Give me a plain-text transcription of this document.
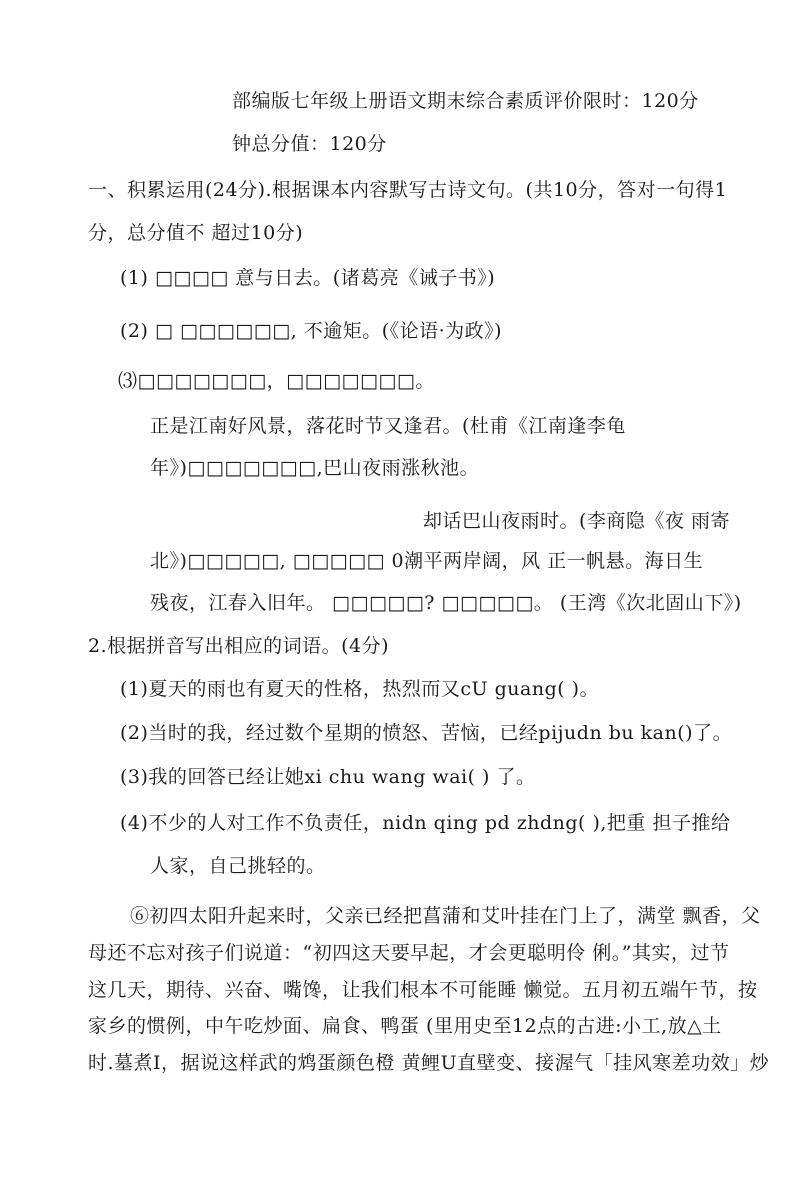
部编版七年级上册语文期末综合素质评价限时：120分
钟总分值：120分
一、积累运用(24分).根据课本内容默写古诗文句。(共10分，答对一句得1
分，总分值不 超过10分)
(1) □□□□ 意与日去。(诸葛亮《诫子书》)
(2) □ □□□□□□, 不逾矩。(《论语·为政》)
⑶□□□□□□□，□□□□□□□。
正是江南好风景，落花时节又逢君。(杜甫《江南逢李龟
年》)□□□□□□□,巴山夜雨涨秋池。
却话巴山夜雨时。(李商隐《夜 雨寄
北》)□□□□□, □□□□□ 0潮平两岸阔，风 正一帆悬。海日生
残夜，江春入旧年。 □□□□□? □□□□□。 (王湾《次北固山下》)
2.根据拼音写出相应的词语。(4分)
(1)夏天的雨也有夏天的性格，热烈而又cU guang( )。
(2)当时的我，经过数个星期的愤怒、苦恼，已经pijudn bu kan()了。
(3)我的回答已经让她xi chu wang wai( ) 了。
(4)不少的人对工作不负责任，nidn qing pd zhdng( ),把重 担子推给
人家，自己挑轻的。
⑥初四太阳升起来时，父亲已经把菖蒲和艾叶挂在门上了，满堂 飘香，父
母还不忘对孩子们说道：“初四这天要早起，才会更聪明伶 俐。”其实，过节
这几天，期待、兴奋、嘴馋，让我们根本不可能睡 懒觉。五月初五端午节，按
家乡的惯例，中午吃炒面、扁食、鸭蛋 (里用史至12点的古进:小工,放△土
时.墓煮I，据说这样武的鸩蛋颜色橙 黄鲤U直壁变、接渥气「挂风寒差功效」炒
